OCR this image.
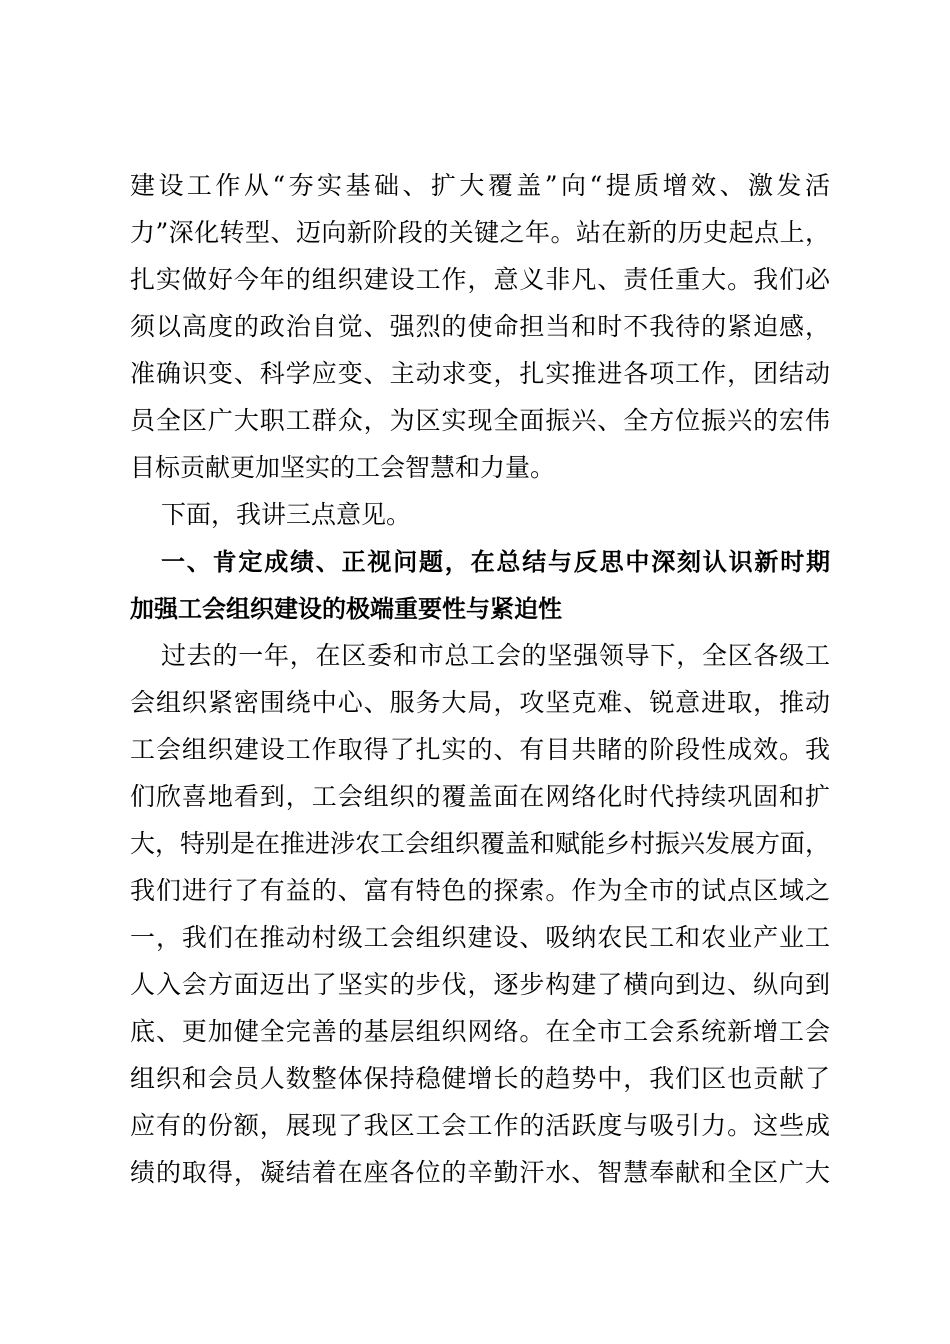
建设工作从“夯实基础、扩大覆盖”向“提质增效、激发活

力”深化转型、迈向新阶段的关键之年。站在新的历史起点上，

扎实做好今年的组织建设工作，意义非凡、责任重大。我们必

须以高度的政治自觉、强烈的使命担当和时不我待的紧迫感，

准确识变、科学应变、主动求变，扎实推进各项工作，团结动

员全区广大职工群众，为区实现全面振兴、全方位振兴的宏伟

目标贡献更加坚实的工会智慧和力量。

下面，我讲三点意见。

一、肯定成绩、正视问题，在总结与反思中深刻认识新时期

加强工会组织建设的极端重要性与紧迫性

过去的一年，在区委和市总工会的坚强领导下，全区各级工

会组织紧密围绕中心、服务大局，攻坚克难、锐意进取，推动

工会组织建设工作取得了扎实的、有目共睹的阶段性成效。我

们欣喜地看到，工会组织的覆盖面在网络化时代持续巩固和扩

大，特别是在推进涉农工会组织覆盖和赋能乡村振兴发展方面，

我们进行了有益的、富有特色的探索。作为全市的试点区域之

一，我们在推动村级工会组织建设、吸纳农民工和农业产业工

人入会方面迈出了坚实的步伐，逐步构建了横向到边、纵向到

底、更加健全完善的基层组织网络。在全市工会系统新增工会

组织和会员人数整体保持稳健增长的趋势中，我们区也贡献了

应有的份额，展现了我区工会工作的活跃度与吸引力。这些成

绩的取得，凝结着在座各位的辛勤汗水、智慧奉献和全区广大
